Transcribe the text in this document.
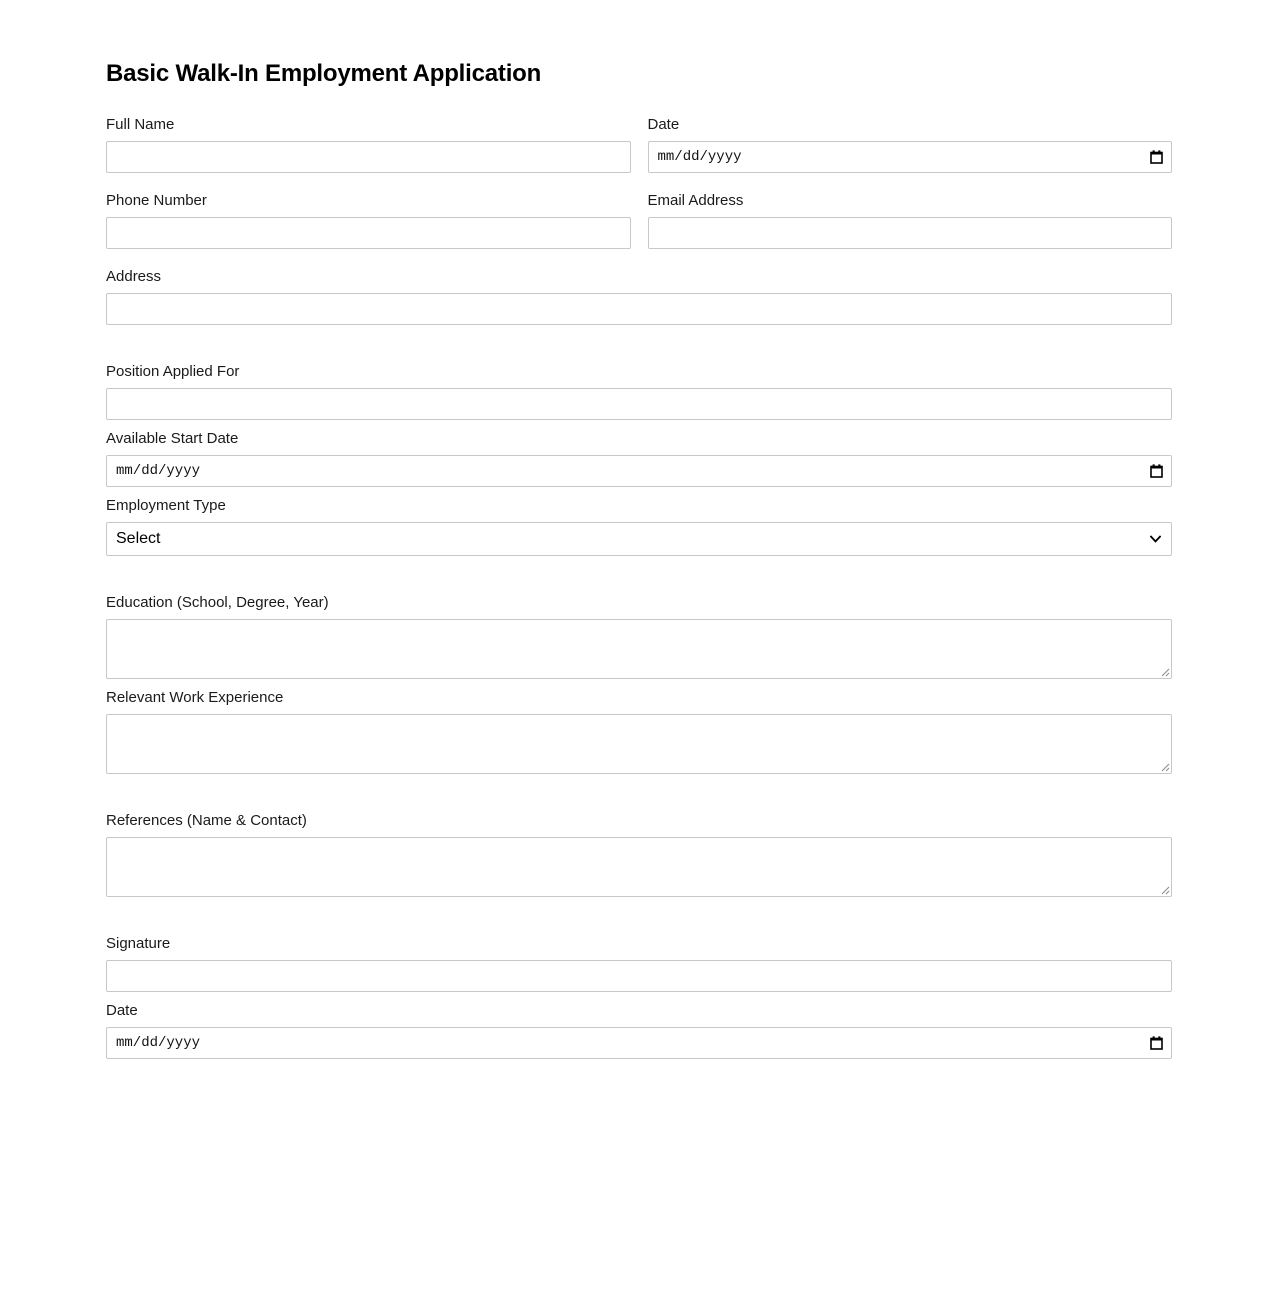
Basic Walk-In Employment Application
Full Name	Date
mm/dd/yyyy
Phone Number	Email Address
Address
Position Applied For
Available Start Date
mm/dd/yyyy
Employment Type
Select
Education (School, Degree, Year)
Relevant Work Experience
References (Name & Contact)
Signature
Date
mm/dd/yyyy
